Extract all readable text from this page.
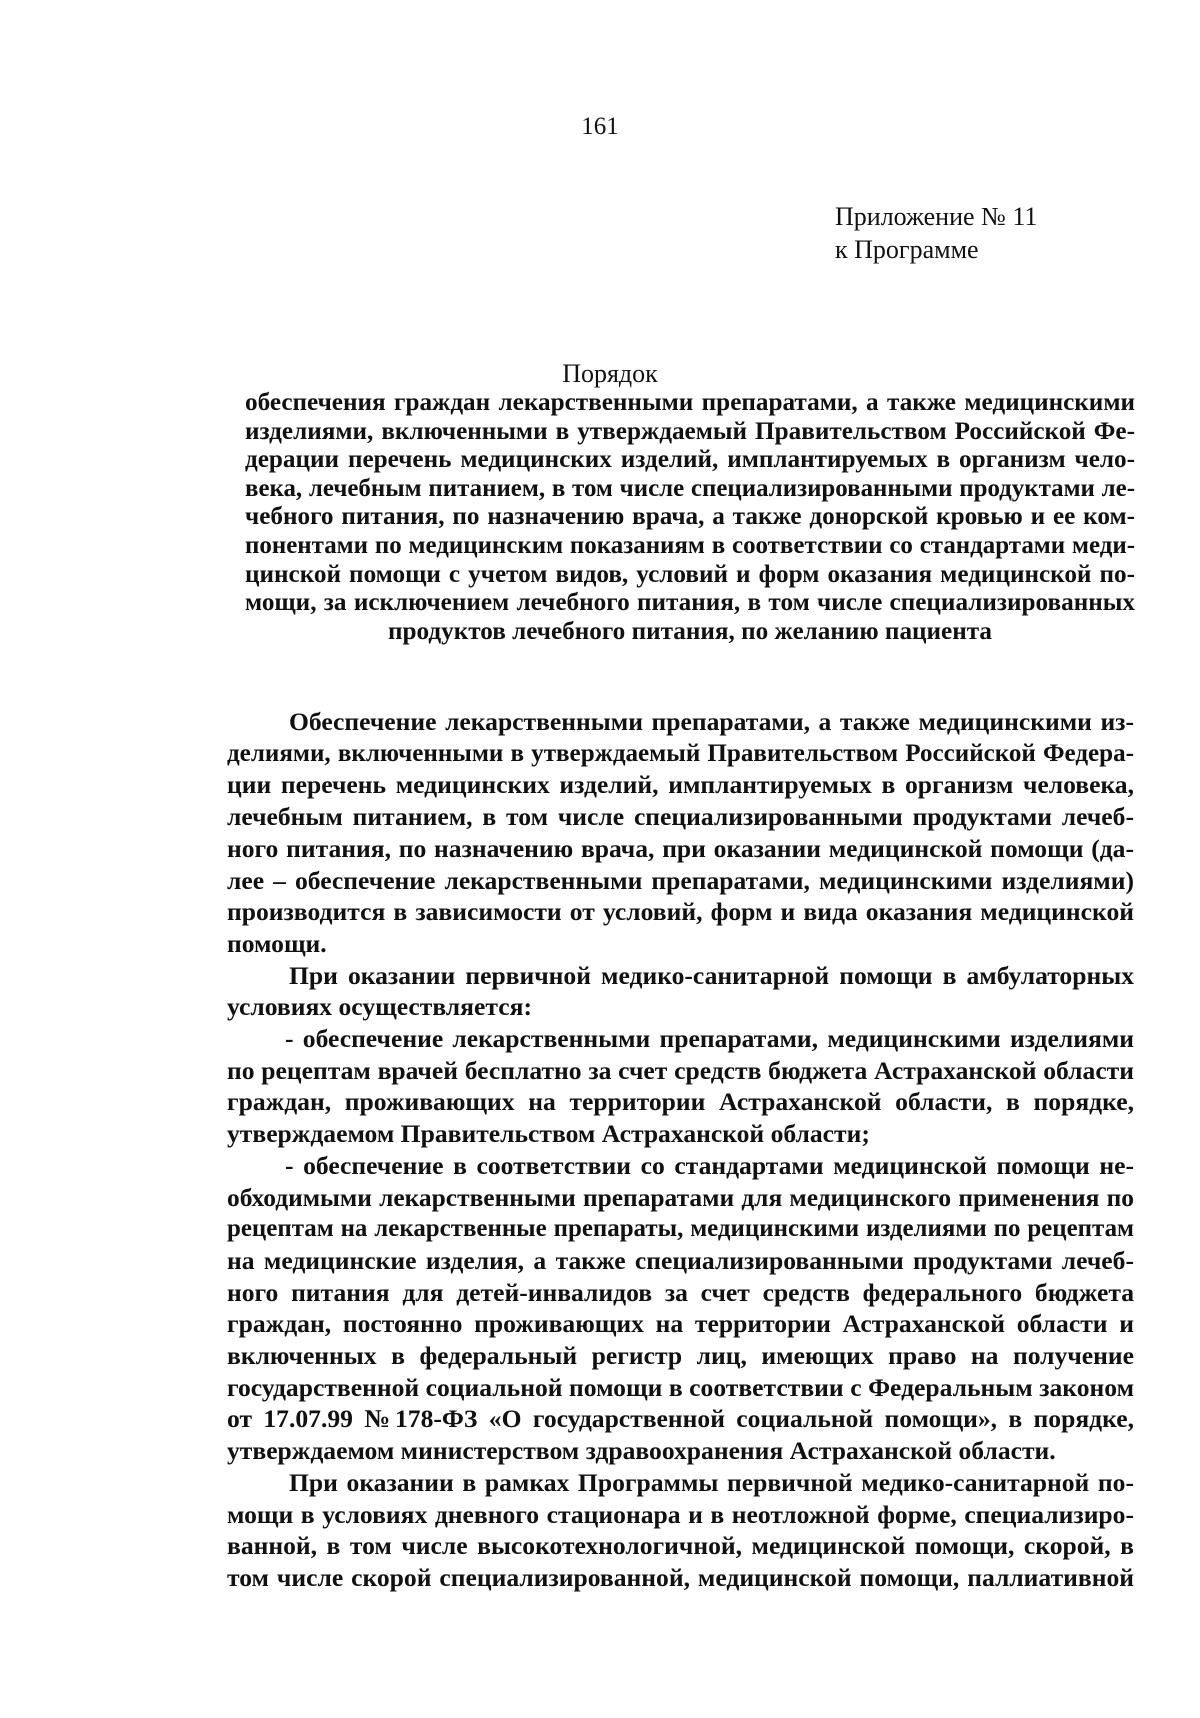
161
Приложение № 11
к Программе
Порядок
обеспечения граждан лекарственными препаратами, а также медицинскими
изделиями, включенными в утверждаемый Правительством Российской Фе-
дерации перечень медицинских изделий, имплантируемых в организм чело-
века, лечебным питанием, в том числе специализированными продуктами ле-
чебного питания, по назначению врача, а также донорской кровью и ее ком-
понентами по медицинским показаниям в соответствии со стандартами меди-
цинской помощи с учетом видов, условий и форм оказания медицинской по-
мощи, за исключением лечебного питания, в том числе специализированных
продуктов лечебного питания, по желанию пациента
Обеспечение лекарственными препаратами, а также медицинскими из-
делиями, включенными в утверждаемый Правительством Российской Федера-
ции перечень медицинских изделий, имплантируемых в организм человека,
лечебным питанием, в том числе специализированными продуктами лечеб-
ного питания, по назначению врача, при оказании медицинской помощи (да-
лее – обеспечение лекарственными препаратами, медицинскими изделиями)
производится в зависимости от условий, форм и вида оказания медицинской
помощи.
При оказании первичной медико-санитарной помощи в амбулаторных
условиях осуществляется:
- обеспечение лекарственными препаратами, медицинскими изделиями
по рецептам врачей бесплатно за счет средств бюджета Астраханской области
граждан, проживающих на территории Астраханской области, в порядке,
утверждаемом Правительством Астраханской области;
- обеспечение в соответствии со стандартами медицинской помощи не-
обходимыми лекарственными препаратами для медицинского применения по
рецептам на лекарственные препараты, медицинскими изделиями по рецептам
на медицинские изделия, а также специализированными продуктами лечеб-
ного питания для детей-инвалидов за счет средств федерального бюджета
граждан, постоянно проживающих на территории Астраханской области и
включенных в федеральный регистр лиц, имеющих право на получение
государственной социальной помощи в соответствии с Федеральным законом
от 17.07.99 №178-ФЗ «О государственной социальной помощи», в порядке,
утверждаемом министерством здравоохранения Астраханской области.
При оказании в рамках Программы первичной медико-санитарной по-
мощи в условиях дневного стационара и в неотложной форме, специализиро-
ванной, в том числе высокотехнологичной, медицинской помощи, скорой, в
том числе скорой специализированной, медицинской помощи, паллиативной
